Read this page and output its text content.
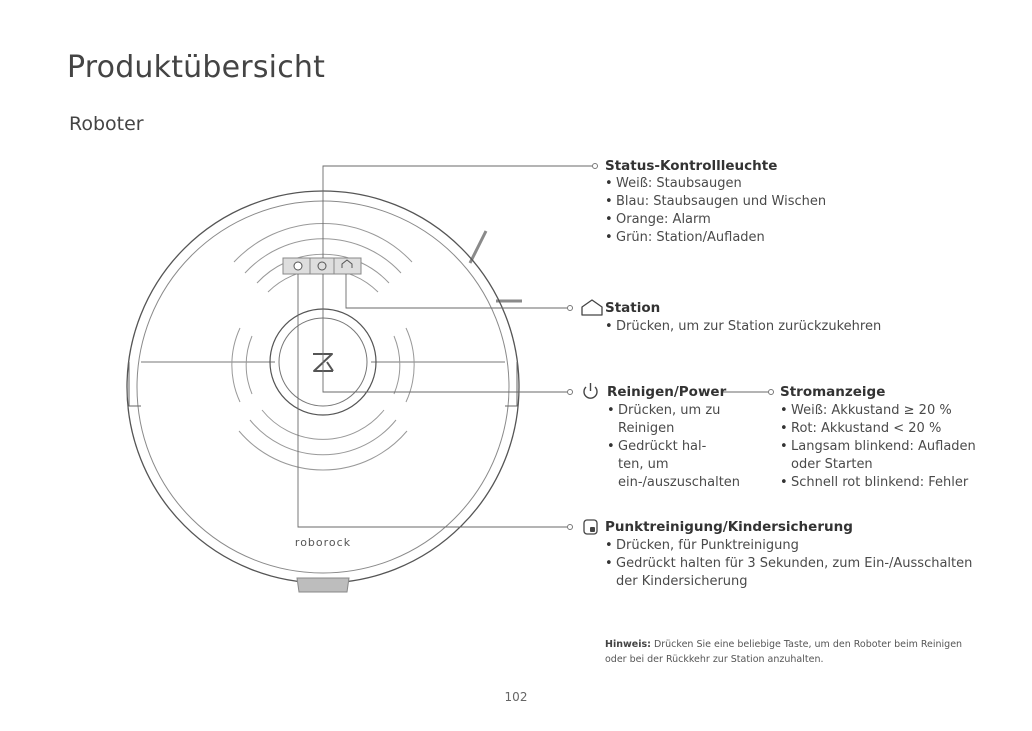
Produktübersicht
Roboter
roborock
Status-Kontrollleuchte
• Weiß: Staubsaugen
• Blau: Staubsaugen und Wischen
• Orange: Alarm
• Grün: Station/Aufladen
Station
• Drücken, um zur Station zurückzukehren
Reinigen/Power
• Drücken, um zu Reinigen
• Gedrückt hal-ten, um ein-/auszuschalten
Stromanzeige
• Weiß: Akkustand ≥ 20 %
• Rot: Akkustand < 20 %
• Langsam blinkend: Aufladen oder Starten
• Schnell rot blinkend: Fehler
Punktreinigung/Kindersicherung
• Drücken, für Punktreinigung
• Gedrückt halten für 3 Sekunden, zum Ein-/Ausschalten der Kindersicherung
Hinweis: Drücken Sie eine beliebige Taste, um den Roboter beim Reinigen oder bei der Rückkehr zur Station anzuhalten.
102
